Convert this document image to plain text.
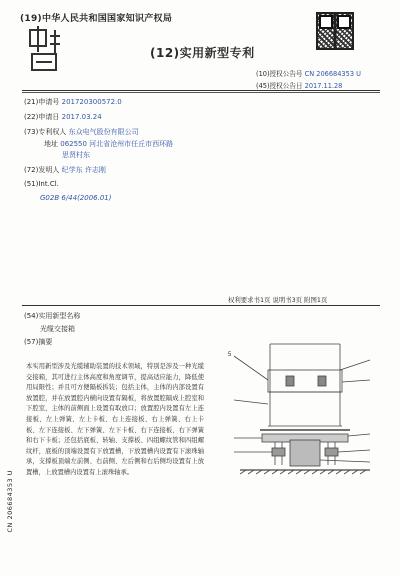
(19)中华人民共和国国家知识产权局
(12)实用新型专利
(10)授权公告号 CN 206684353 U
(45)授权公告日 2017.11.28
(21)申请号 201720300572.0
(22)申请日 2017.03.24
(73)专利权人 东众电气股份有限公司
地址 062550 河北省沧州市任丘市西环路
思贤村东
(72)发明人 纪学东 许志刚
(51)Int.Cl.
G02B 6/44(2006.01)
权利要求书1页 说明书3页 附图1页
(54)实用新型名称
光缆交接箱
(57)摘要
本实用新型涉及光缆辅助装置的技术领域，特别是涉及一种光缆交接箱，其可进行主体高度和角度调节，提高适应能力，降低使用局限性；并且可方便隔板拆装；包括主体，主体的内部设置有放置腔，并在放置腔内横向设置有隔板，将放置腔隔成上腔室和下腔室，主体的前侧面上设置有取放口；放置腔内设置有左上连接板、左上弹簧、左上卡板、右上连接板、右上弹簧、右上卡板、左下连接板、左下弹簧、左下卡板、右下连接板、右下弹簧和右下卡板；还包括底板、转轴、支撑板、四组螺纹管和四组螺纹杆，底板的顶端设置有下放置槽，下放置槽内设置有下滚珠轴承，支撑板顶端左前侧、右前侧、左后侧和右后侧均设置有上放置槽，上放置槽内设置有上滚珠轴承。
CN 206684353 U
5
